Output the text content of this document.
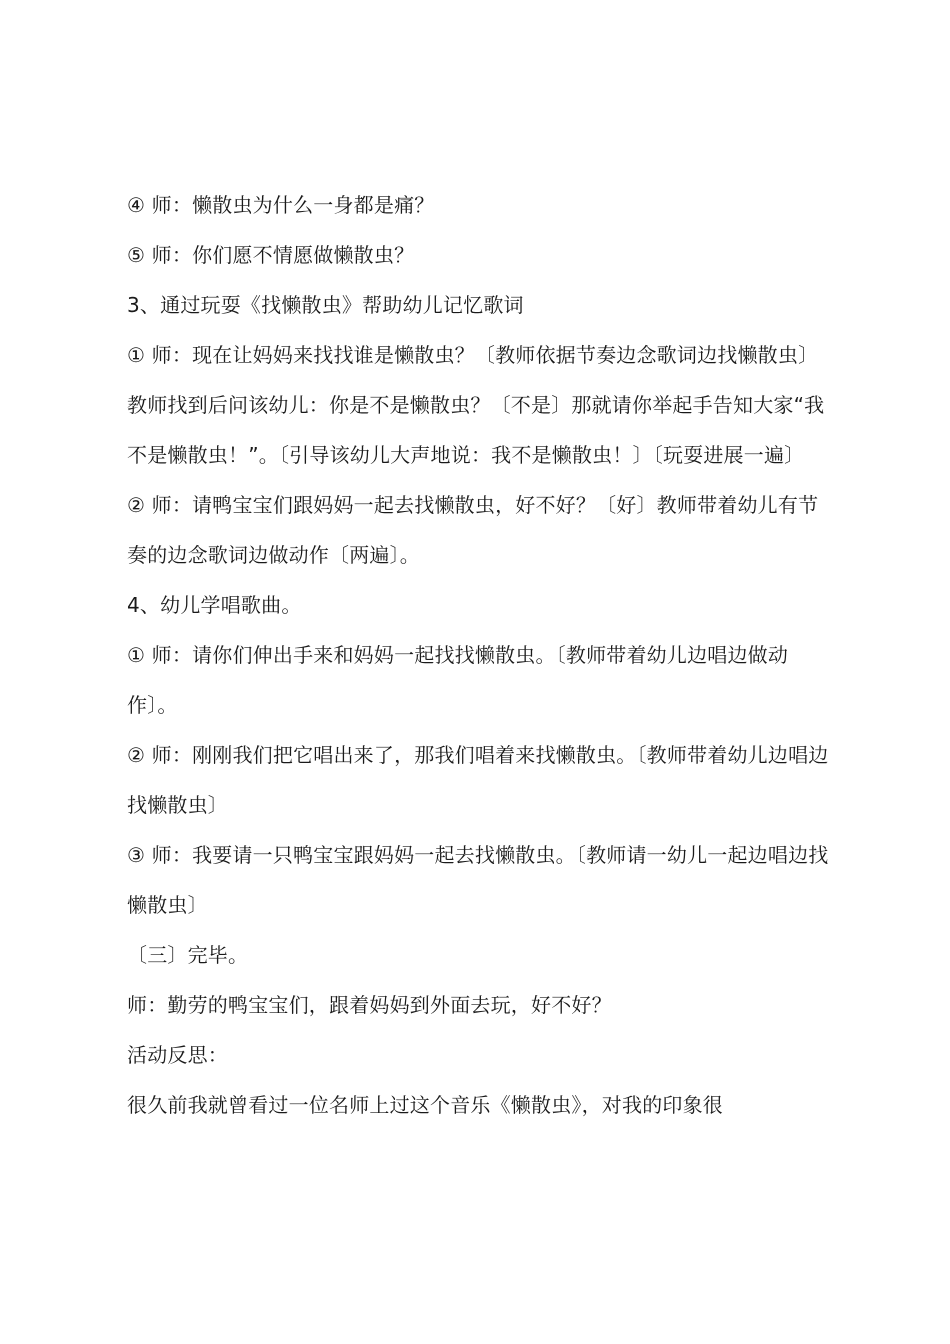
④ 师：懒散虫为什么一身都是痛？

⑤ 师：你们愿不情愿做懒散虫？

3、通过玩耍《找懒散虫》帮助幼儿记忆歌词

① 师：现在让妈妈来找找谁是懒散虫？〔教师依据节奏边念歌词边找懒散虫〕教师找到后问该幼儿：你是不是懒散虫？〔不是〕那就请你举起手告知大家“我不是懒散虫！”。〔引导该幼儿大声地说：我不是懒散虫！〕〔玩耍进展一遍〕

② 师：请鸭宝宝们跟妈妈一起去找懒散虫，好不好？〔好〕教师带着幼儿有节奏的边念歌词边做动作〔两遍〕。

4、幼儿学唱歌曲。

① 师：请你们伸出手来和妈妈一起找找懒散虫。〔教师带着幼儿边唱边做动作〕。

② 师：刚刚我们把它唱出来了，那我们唱着来找懒散虫。〔教师带着幼儿边唱边找懒散虫〕

③ 师：我要请一只鸭宝宝跟妈妈一起去找懒散虫。〔教师请一幼儿一起边唱边找懒散虫〕

〔三〕完毕。

师：勤劳的鸭宝宝们，跟着妈妈到外面去玩，好不好？

活动反思：

很久前我就曾看过一位名师上过这个音乐《懒散虫》，对我的印象很
